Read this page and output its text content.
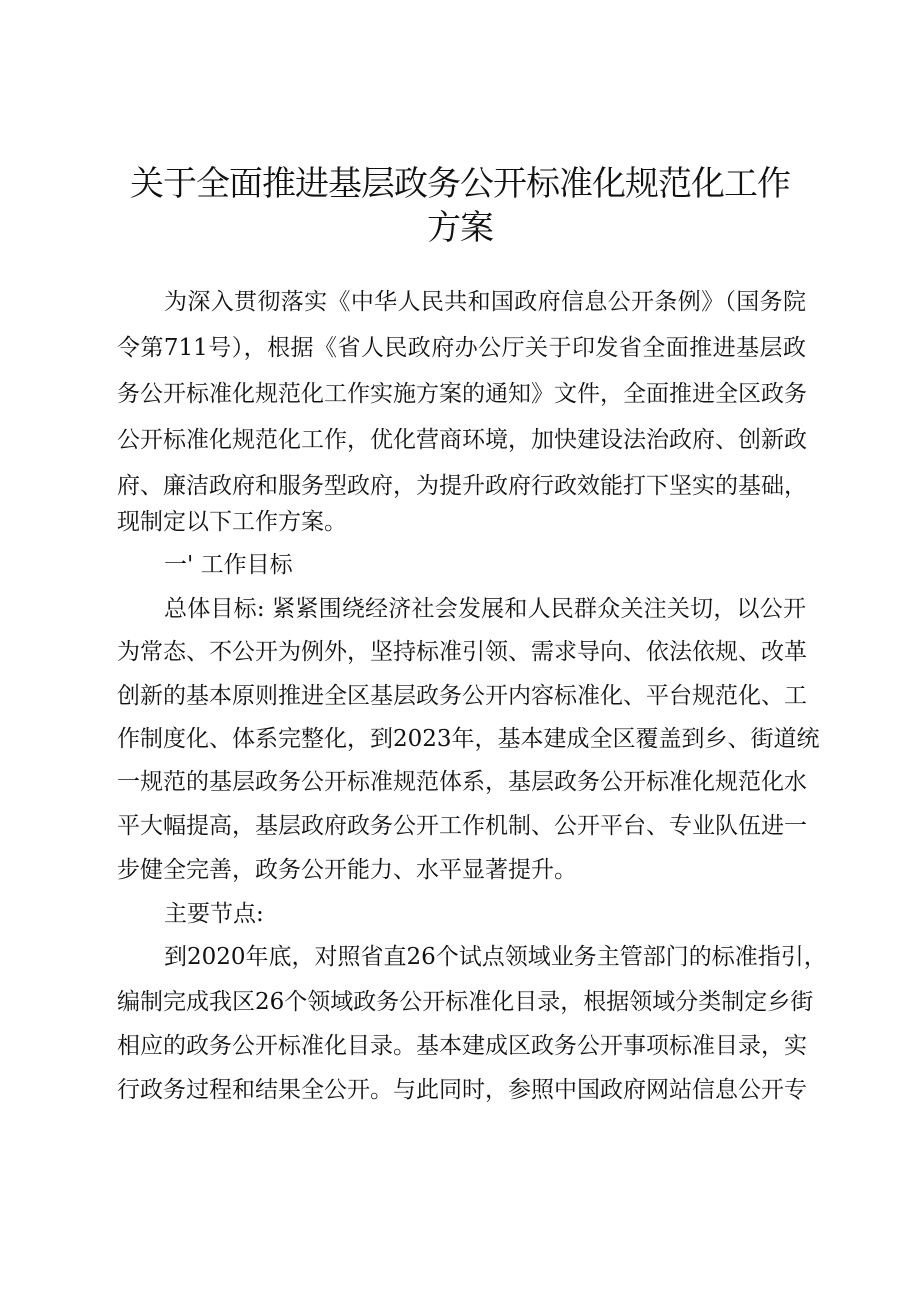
关于全面推进基层政务公开标准化规范化工作
方案
为深入贯彻落实《中华人民共和国政府信息公开条例》（国务院
令第711号），根据《省人民政府办公厅关于印发省全面推进基层政
务公开标准化规范化工作实施方案的通知》文件，全面推进全区政务
公开标准化规范化工作，优化营商环境，加快建设法治政府、创新政
府、廉洁政府和服务型政府，为提升政府行政效能打下坚实的基础，
现制定以下工作方案。
一' 工作目标
总体目标: 紧紧围绕经济社会发展和人民群众关注关切，以公开
为常态、不公开为例外，坚持标准引领、需求导向、依法依规、改革
创新的基本原则推进全区基层政务公开内容标准化、平台规范化、工
作制度化、体系完整化，到2023年，基本建成全区覆盖到乡、街道统
一规范的基层政务公开标准规范体系，基层政务公开标准化规范化水
平大幅提高，基层政府政务公开工作机制、公开平台、专业队伍进一
步健全完善，政务公开能力、水平显著提升。
主要节点:
到2020年底，对照省直26个试点领域业务主管部门的标准指引，
编制完成我区26个领域政务公开标准化目录，根据领域分类制定乡街
相应的政务公开标准化目录。基本建成区政务公开事项标准目录，实
行政务过程和结果全公开。与此同时，参照中国政府网站信息公开专
